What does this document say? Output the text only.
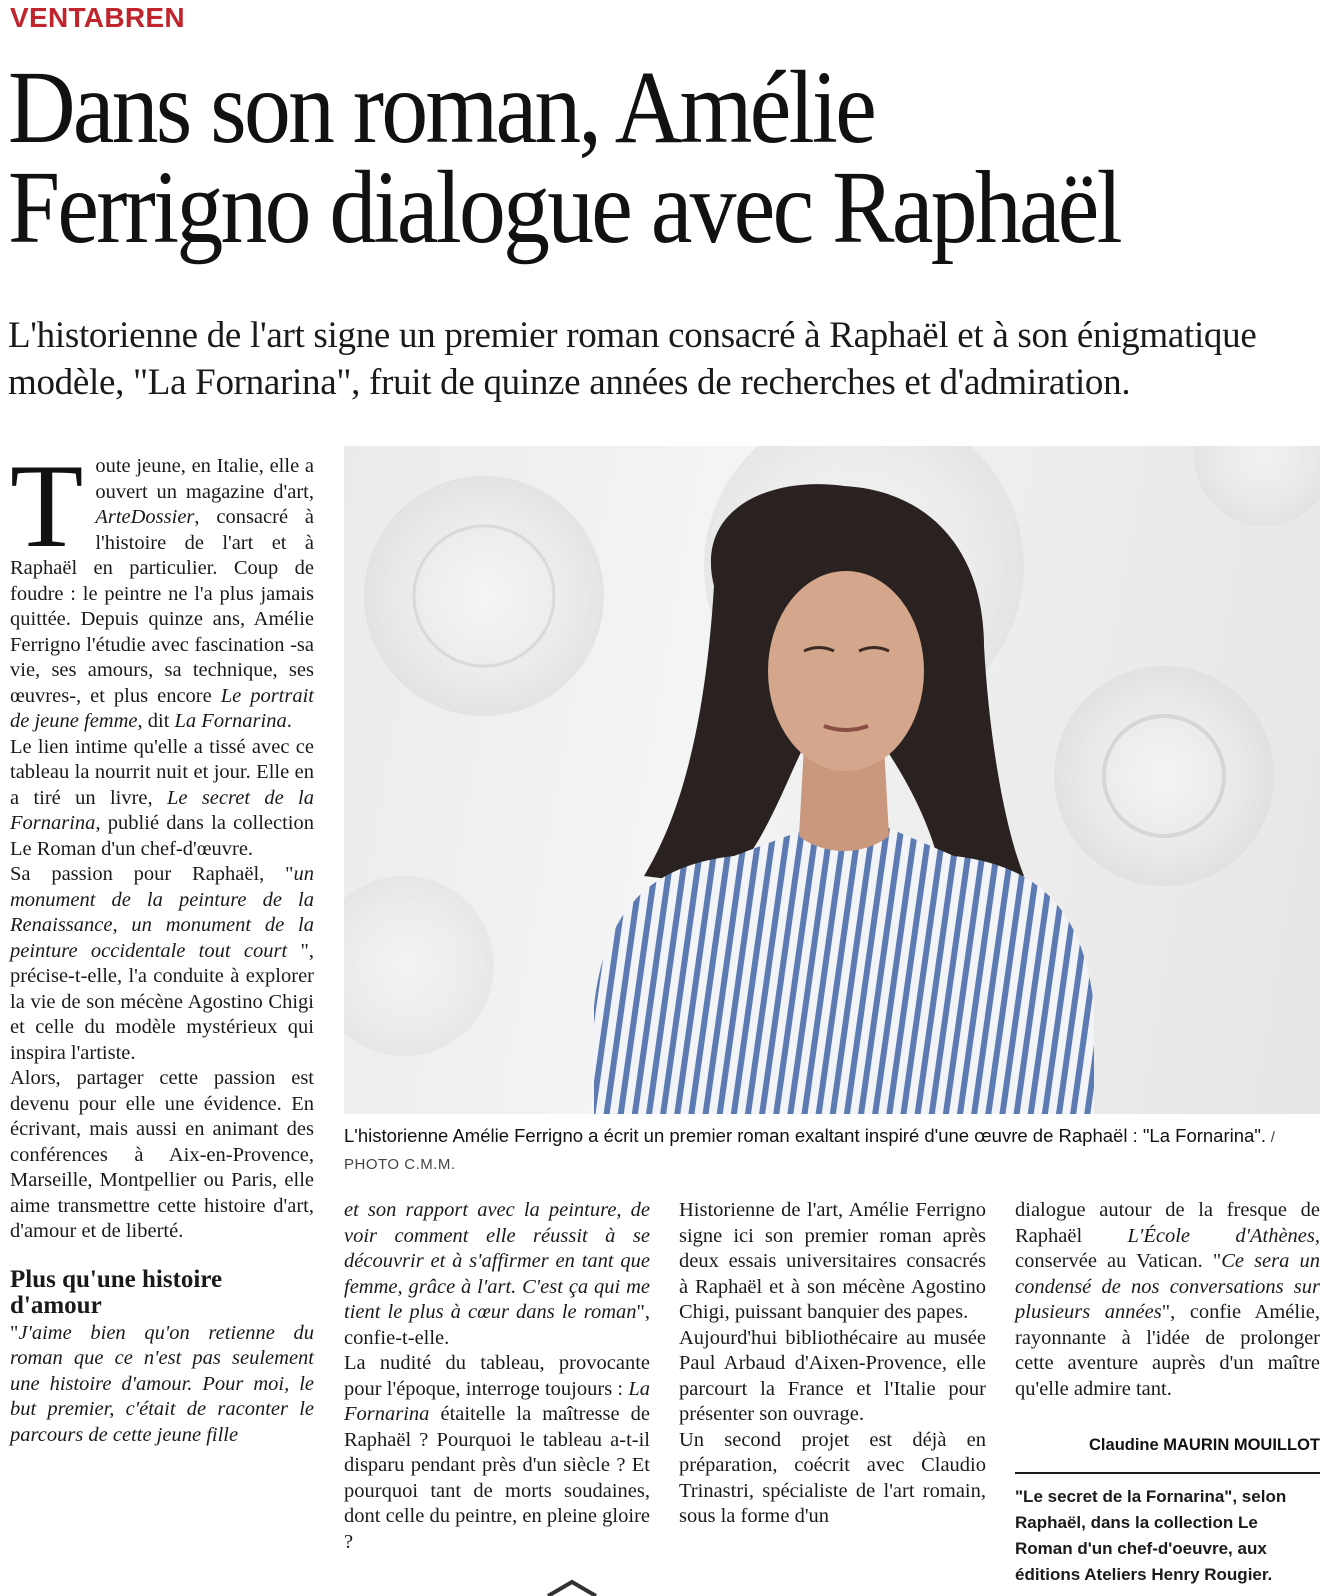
VENTABREN
Dans son roman, Amélie
Ferrigno dialogue avec Raphaël

L'historienne de l'art signe un premier roman consacré à Raphaël et à son énigmatique
modèle, "La Fornarina", fruit de quinze années de recherches et d'admiration.

Toute jeune, en Italie, elle a ouvert un magazine d'art, ArteDossier, consacré à l'histoire de l'art et à Raphaël en particulier. Coup de foudre : le peintre ne l'a plus jamais quittée. Depuis quinze ans, Amélie Ferrigno l'étudie avec fascination -sa vie, ses amours, sa technique, ses œuvres-, et plus encore Le portrait de jeune femme, dit La Fornarina.

Le lien intime qu'elle a tissé avec ce tableau la nourrit nuit et jour. Elle en a tiré un livre, Le secret de la Fornarina, publié dans la collection Le Roman d'un chef-d'œuvre.

Sa passion pour Raphaël, "un monument de la peinture de la Renaissance, un monument de la peinture occidentale tout court ", précise-t-elle, l'a conduite à explorer la vie de son mécène Agostino Chigi et celle du modèle mystérieux qui inspira l'artiste.

Alors, partager cette passion est devenu pour elle une évidence. En écrivant, mais aussi en animant des conférences à Aix-en-Provence, Marseille, Montpellier ou Paris, elle aime transmettre cette histoire d'art, d'amour et de liberté.

Plus qu'une histoire d'amour

"J'aime bien qu'on retienne du roman que ce n'est pas seulement une histoire d'amour. Pour moi, le but premier, c'était de raconter le parcours de cette jeune fille

L'historienne Amélie Ferrigno a écrit un premier roman exaltant inspiré d'une œuvre de Raphaël : "La Fornarina". / PHOTO C.M.M.

et son rapport avec la peinture, de voir comment elle réussit à se découvrir et à s'affirmer en tant que femme, grâce à l'art. C'est ça qui me tient le plus à cœur dans le roman", confie-t-elle.

La nudité du tableau, provocante pour l'époque, interroge toujours : La Fornarina étaitelle la maîtresse de Raphaël ? Pourquoi le tableau a-t-il disparu pendant près d'un siècle ? Et pourquoi tant de morts soudaines, dont celle du peintre, en pleine gloire ?

Historienne de l'art, Amélie Ferrigno signe ici son premier roman après deux essais universitaires consacrés à Raphaël et à son mécène Agostino Chigi, puissant banquier des papes.

Aujourd'hui bibliothécaire au musée Paul Arbaud d'Aixen-Provence, elle parcourt la France et l'Italie pour présenter son ouvrage.

Un second projet est déjà en préparation, coécrit avec Claudio Trinastri, spécialiste de l'art romain, sous la forme d'un

dialogue autour de la fresque de Raphaël L'École d'Athènes, conservée au Vatican. "Ce sera un condensé de nos conversations sur plusieurs années", confie Amélie, rayonnante à l'idée de prolonger cette aventure auprès d'un maître qu'elle admire tant.

Claudine MAURIN MOUILLOT
"Le secret de la Fornarina", selon Raphaël, dans la collection Le Roman d'un chef-d'oeuvre, aux éditions Ateliers Henry Rougier.
